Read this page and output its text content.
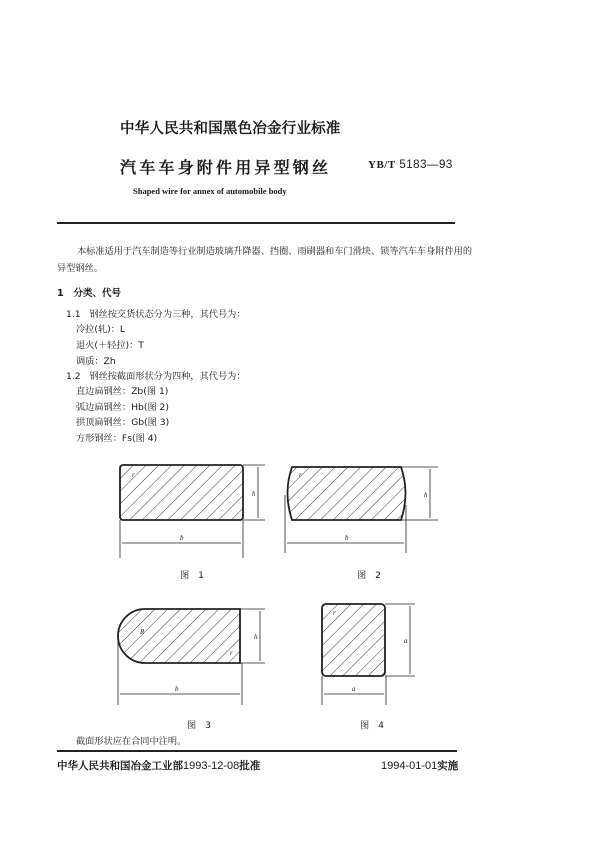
中华人民共和国黑色冶金行业标准
汽车车身附件用异型钢丝	YB/T 5183—93
Shaped wire for annex of automobile body
本标准适用于汽车制造等行业制造玻璃升降器、挡圈、雨刷器和车门滑块、锁等汽车车身附件用的
异型钢丝。
1   分类、代号
1.1   钢丝按交货状态分为三种，其代号为：
冷拉(轧)：L
退火(＋轻拉)：T
调质：Zh
1.2   钢丝按截面形状分为四种，其代号为：
直边扁钢丝：Zb(图 1)
弧边扁钢丝：Hb(图 2)
拱顶扁钢丝：Gb(图 3)
方形钢丝：Fs(图 4)
h
b
r
h
b
r
h
b
R
r
a
a
r
图 1	图 2
图 3	图 4
截面形状应在合同中注明。
中华人民共和国冶金工业部1993-12-08批准	1994-01-01实施
